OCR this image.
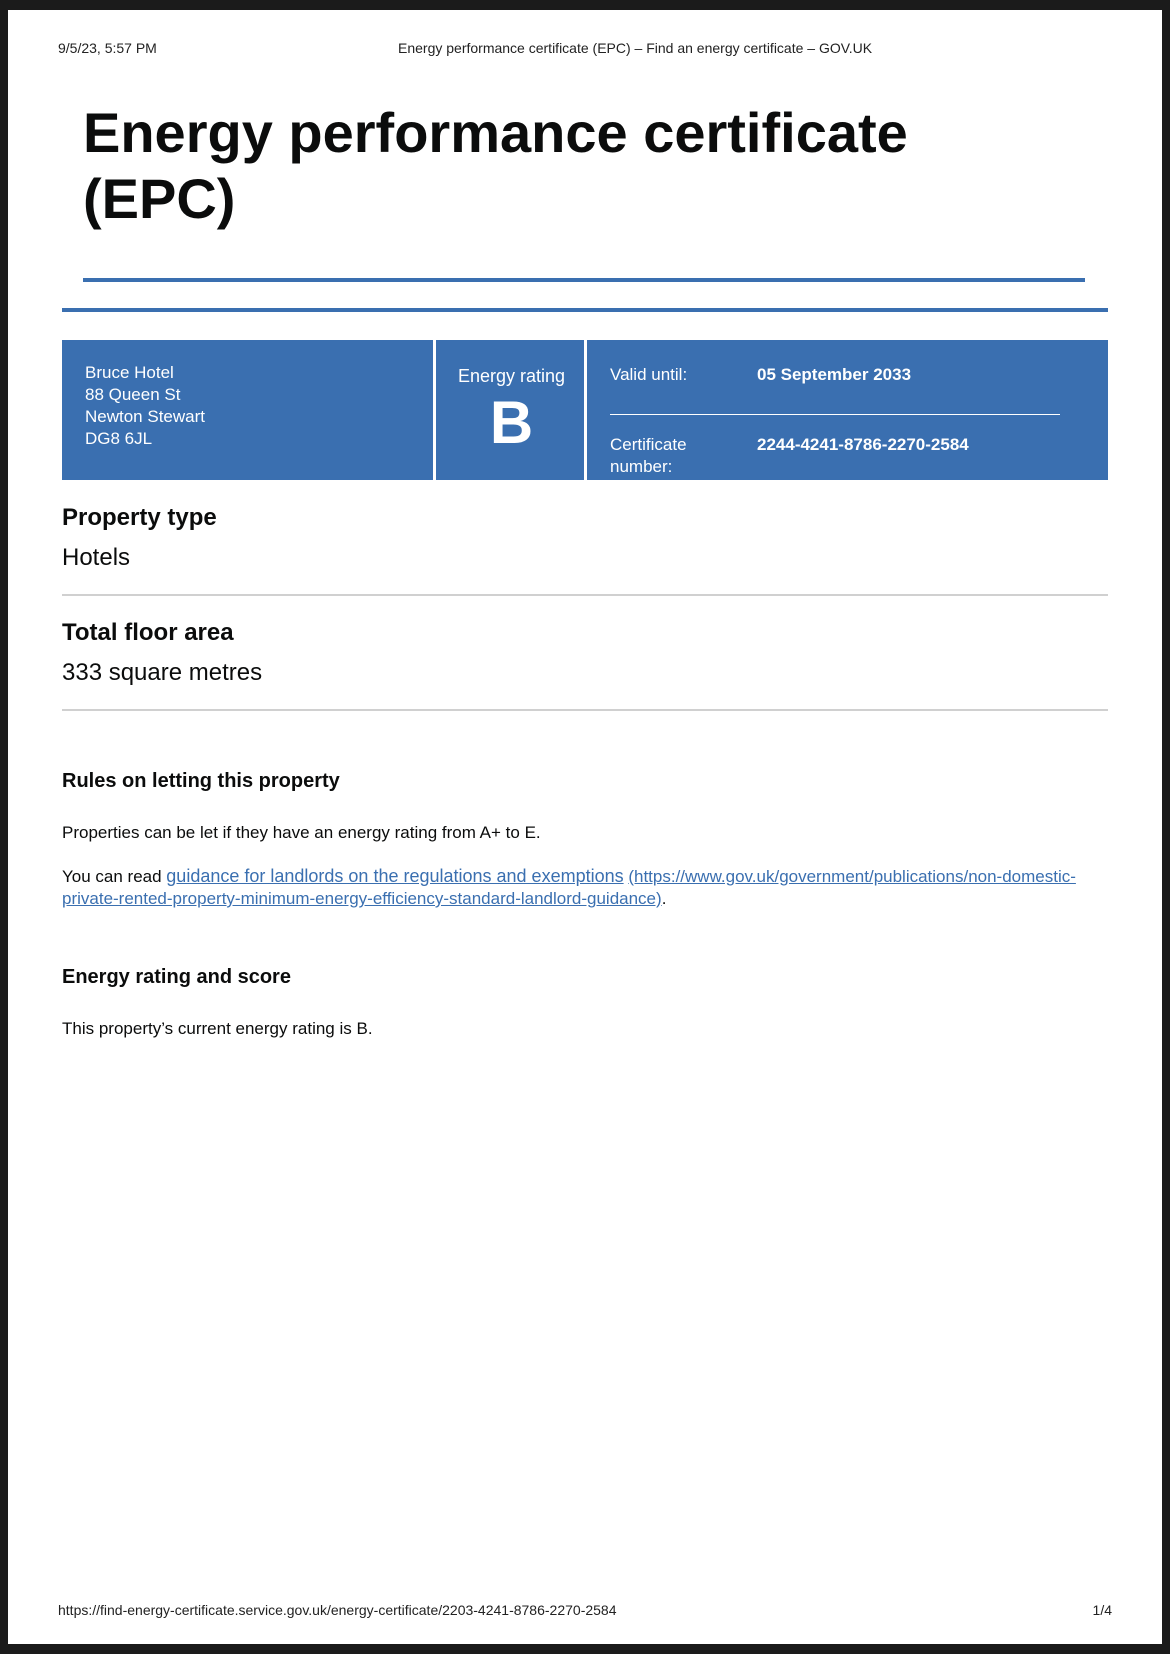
9/5/23, 5:57 PM	Energy performance certificate (EPC) – Find an energy certificate – GOV.UK
Energy performance certificate
(EPC)
Bruce Hotel
88 Queen St
Newton Stewart
DG8 6JL
Energy rating
B
Valid until:	05 September 2033
Certificate number:
2244-4241-8786-2270-2584
Property type
Hotels
Total floor area
333 square metres
Rules on letting this property

Properties can be let if they have an energy rating from A+ to E.

You can read guidance for landlords on the regulations and exemptions (https://www.gov.uk/government/publications/non-domestic-private-rented-property-minimum-energy-efficiency-standard-landlord-guidance).

Energy rating and score

This property’s current energy rating is B.

https://find-energy-certificate.service.gov.uk/energy-certificate/2203-4241-8786-2270-2584	1/4
